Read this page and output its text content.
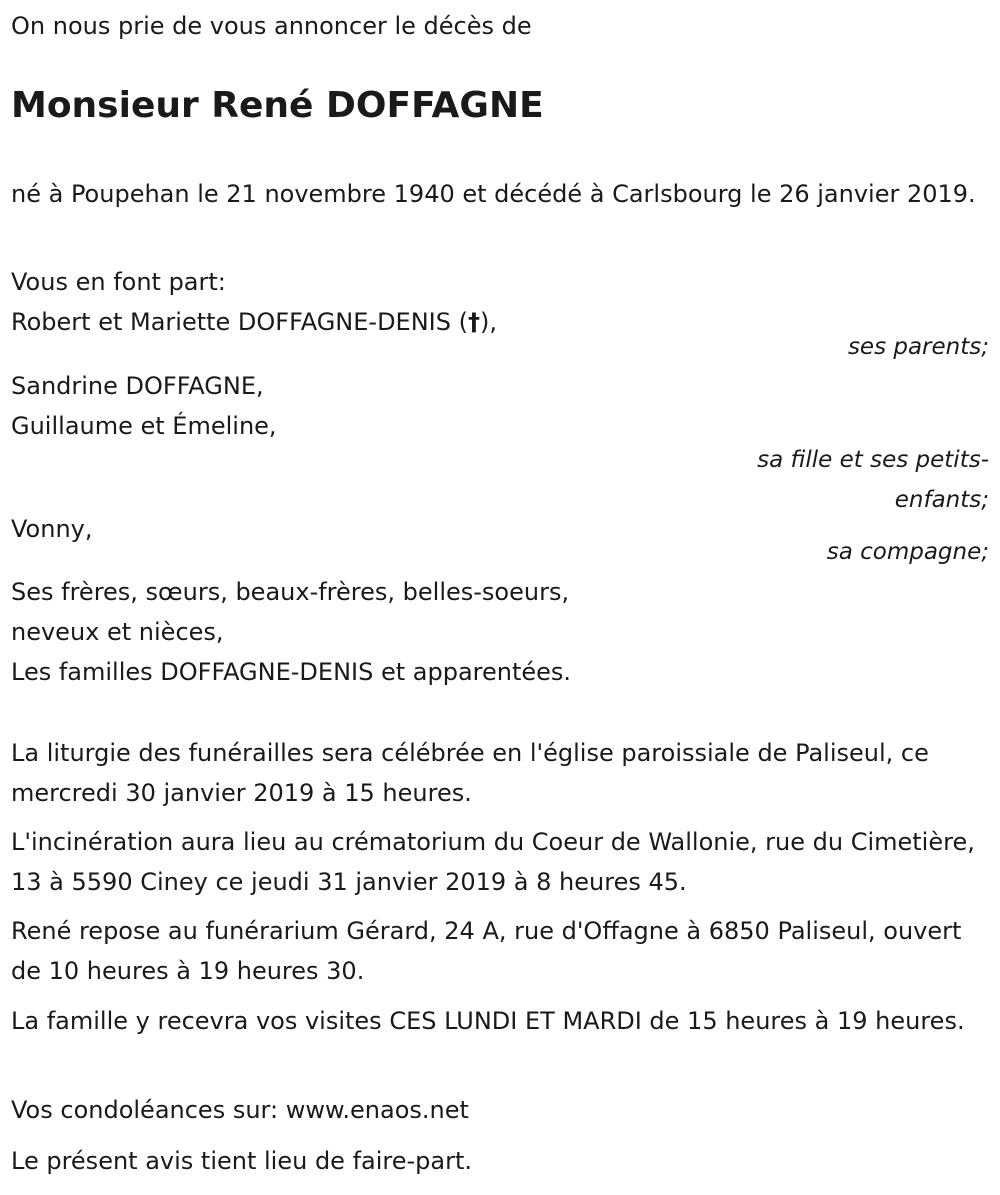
On nous prie de vous annoncer le décès de

Monsieur René DOFFAGNE

né à Poupehan le 21 novembre 1940 et décédé à Carlsbourg le 26 janvier 2019.

Vous en font part:

Robert et Mariette DOFFAGNE-DENIS (†),

ses parents;

Sandrine DOFFAGNE,

Guillaume et Émeline,

sa fille et ses petits-enfants;

Vonny,

sa compagne;

Ses frères, sœurs, beaux-frères, belles-soeurs,

neveux et nièces,

Les familles DOFFAGNE-DENIS et apparentées.

La liturgie des funérailles sera célébrée en l'église paroissiale de Paliseul, ce mercredi 30 janvier 2019 à 15 heures.

L'incinération aura lieu au crématorium du Coeur de Wallonie, rue du Cimetière, 13 à 5590 Ciney ce jeudi 31 janvier 2019 à 8 heures 45.

René repose au funérarium Gérard, 24 A, rue d'Offagne à 6850 Paliseul, ouvert de 10 heures à 19 heures 30.

La famille y recevra vos visites CES LUNDI ET MARDI de 15 heures à 19 heures.

Vos condoléances sur: www.enaos.net

Le présent avis tient lieu de faire-part.
